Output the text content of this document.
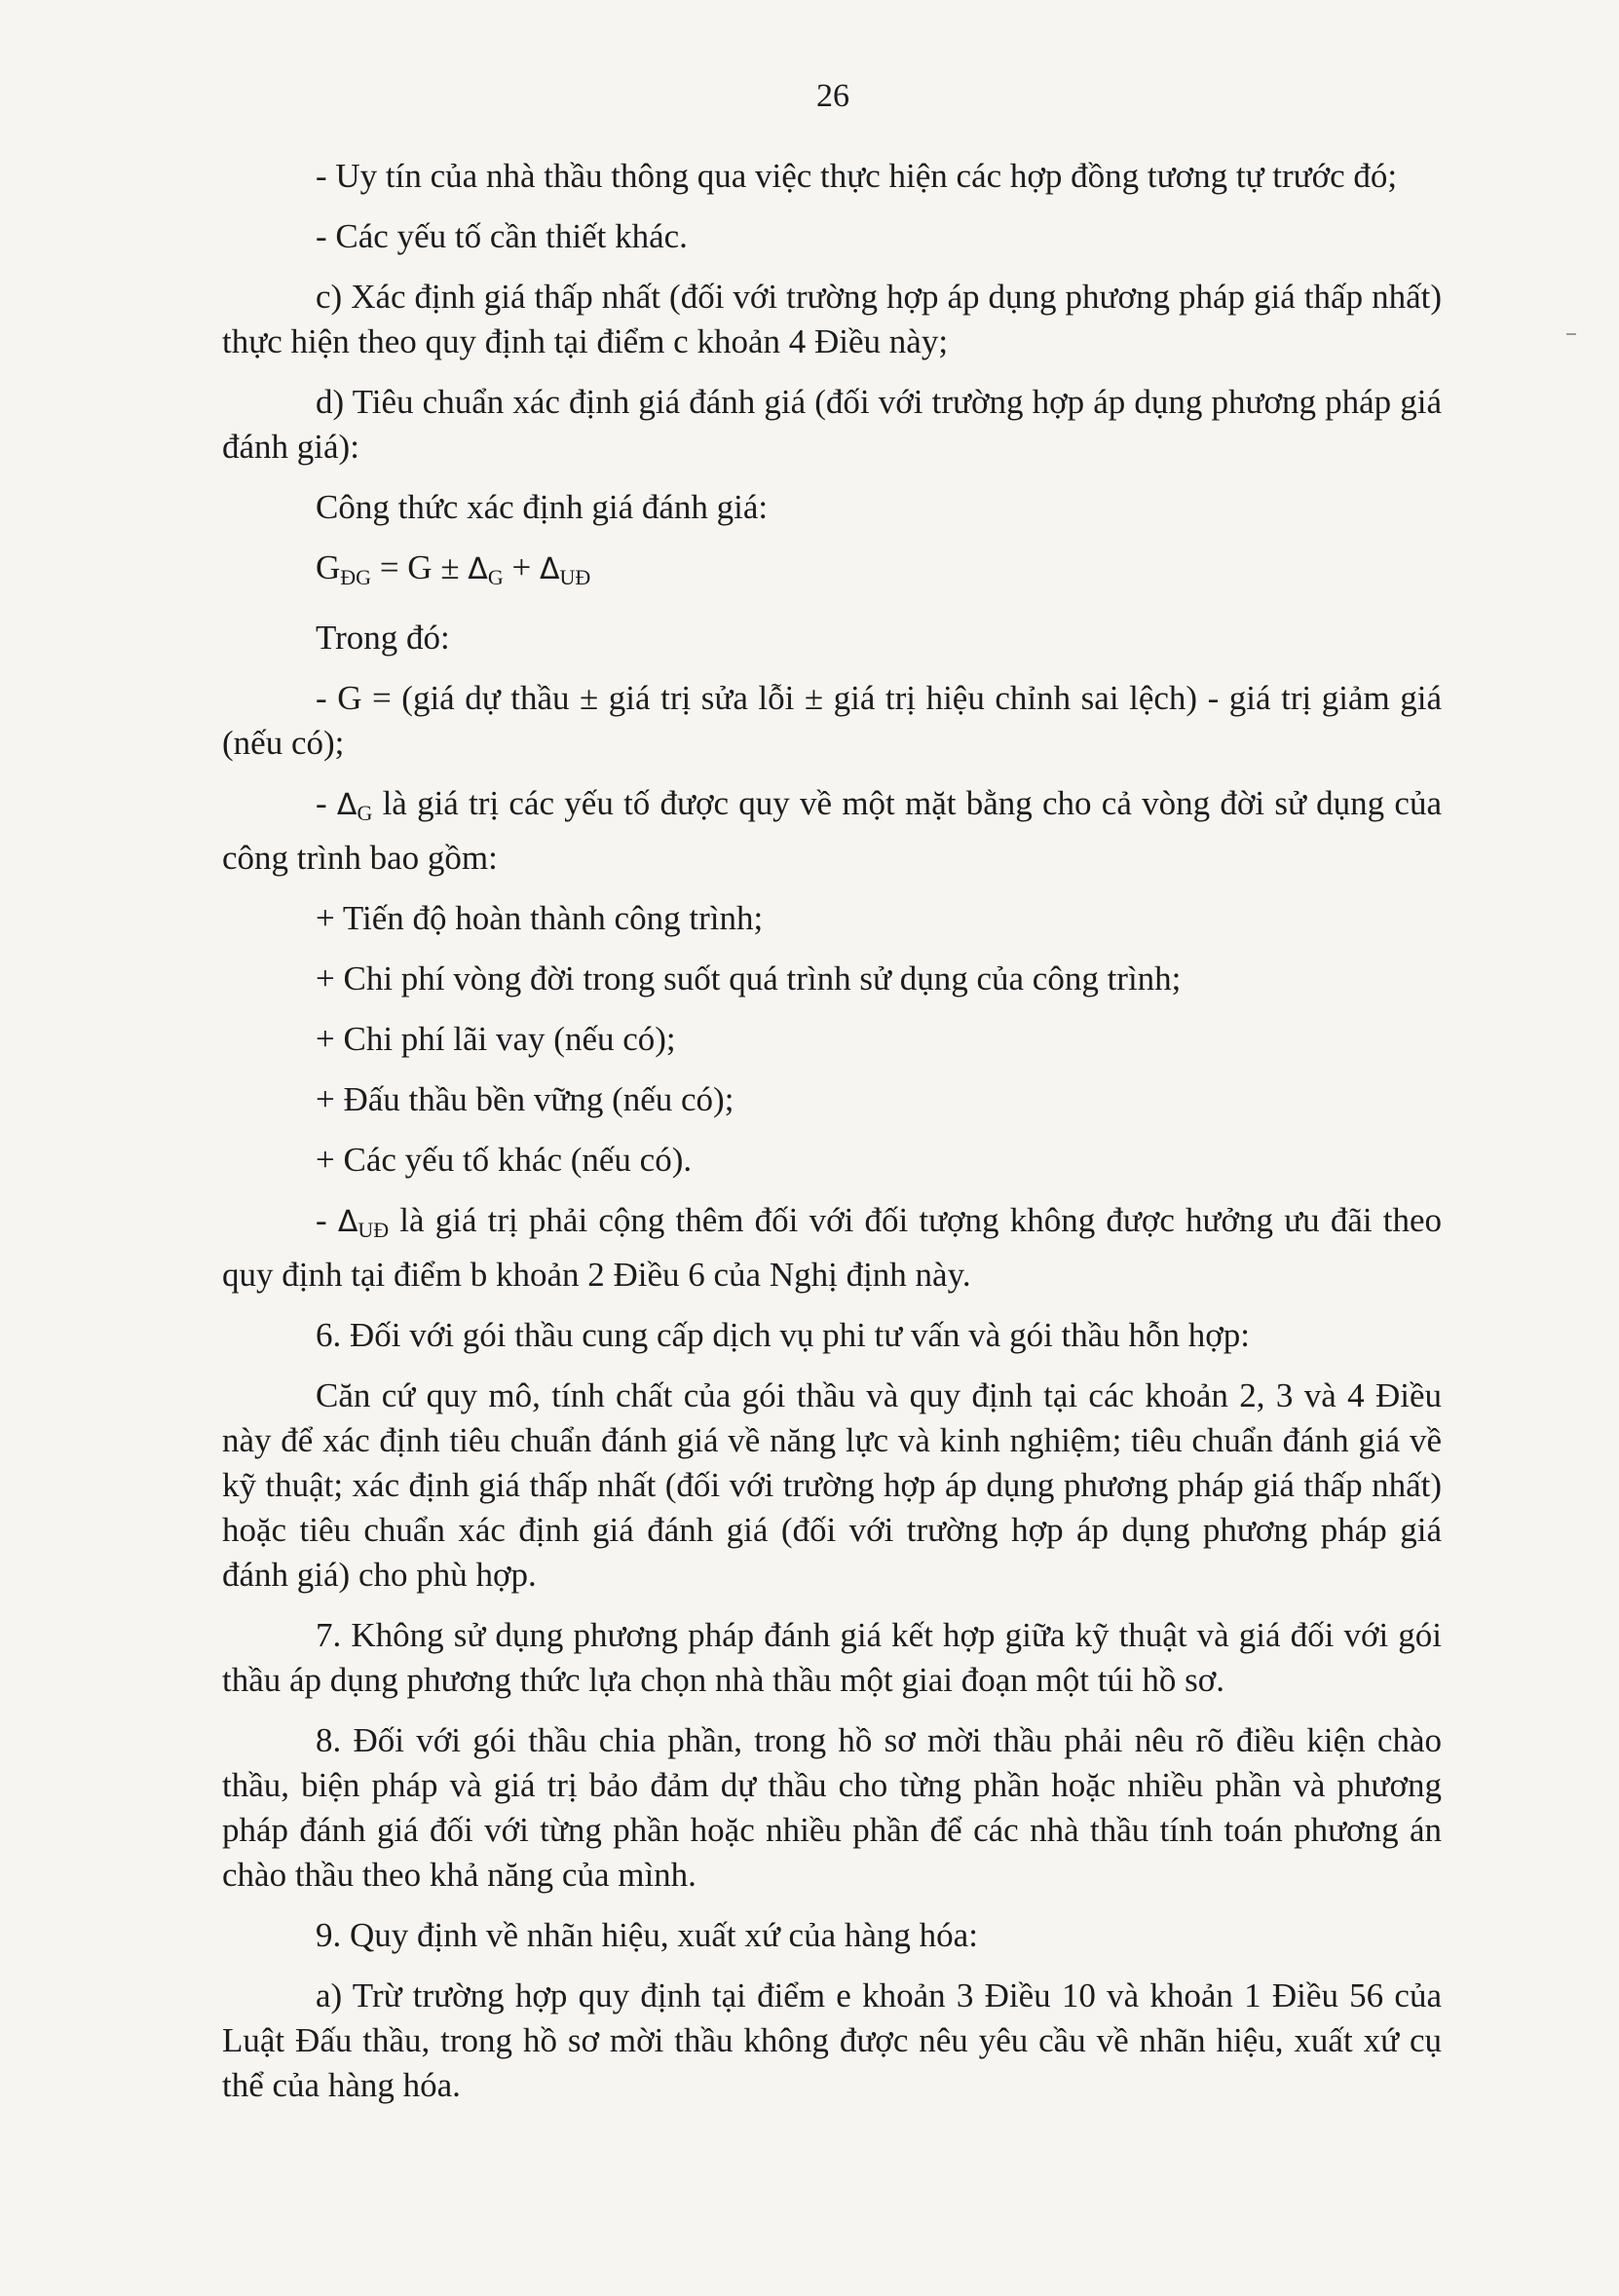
26

- Uy tín của nhà thầu thông qua việc thực hiện các hợp đồng tương tự trước đó;

- Các yếu tố cần thiết khác.

c) Xác định giá thấp nhất (đối với trường hợp áp dụng phương pháp giá thấp nhất) thực hiện theo quy định tại điểm c khoản 4 Điều này;

d) Tiêu chuẩn xác định giá đánh giá (đối với trường hợp áp dụng phương pháp giá đánh giá):

Công thức xác định giá đánh giá:

$G_{ĐG} = G \pm \Delta_G + \Delta_{UĐ}$

Trong đó:

- G = (giá dự thầu ± giá trị sửa lỗi ± giá trị hiệu chỉnh sai lệch) - giá trị giảm giá (nếu có);

- $\Delta_G$ là giá trị các yếu tố được quy về một mặt bằng cho cả vòng đời sử dụng của công trình bao gồm:

+ Tiến độ hoàn thành công trình;

+ Chi phí vòng đời trong suốt quá trình sử dụng của công trình;

+ Chi phí lãi vay (nếu có);

+ Đấu thầu bền vững (nếu có);

+ Các yếu tố khác (nếu có).

- $\Delta_{UĐ}$ là giá trị phải cộng thêm đối với đối tượng không được hưởng ưu đãi theo quy định tại điểm b khoản 2 Điều 6 của Nghị định này.

6. Đối với gói thầu cung cấp dịch vụ phi tư vấn và gói thầu hỗn hợp:

Căn cứ quy mô, tính chất của gói thầu và quy định tại các khoản 2, 3 và 4 Điều này để xác định tiêu chuẩn đánh giá về năng lực và kinh nghiệm; tiêu chuẩn đánh giá về kỹ thuật; xác định giá thấp nhất (đối với trường hợp áp dụng phương pháp giá thấp nhất) hoặc tiêu chuẩn xác định giá đánh giá (đối với trường hợp áp dụng phương pháp giá đánh giá) cho phù hợp.

7. Không sử dụng phương pháp đánh giá kết hợp giữa kỹ thuật và giá đối với gói thầu áp dụng phương thức lựa chọn nhà thầu một giai đoạn một túi hồ sơ.

8. Đối với gói thầu chia phần, trong hồ sơ mời thầu phải nêu rõ điều kiện chào thầu, biện pháp và giá trị bảo đảm dự thầu cho từng phần hoặc nhiều phần và phương pháp đánh giá đối với từng phần hoặc nhiều phần để các nhà thầu tính toán phương án chào thầu theo khả năng của mình.

9. Quy định về nhãn hiệu, xuất xứ của hàng hóa:

a) Trừ trường hợp quy định tại điểm e khoản 3 Điều 10 và khoản 1 Điều 56 của Luật Đấu thầu, trong hồ sơ mời thầu không được nêu yêu cầu về nhãn hiệu, xuất xứ cụ thể của hàng hóa.
